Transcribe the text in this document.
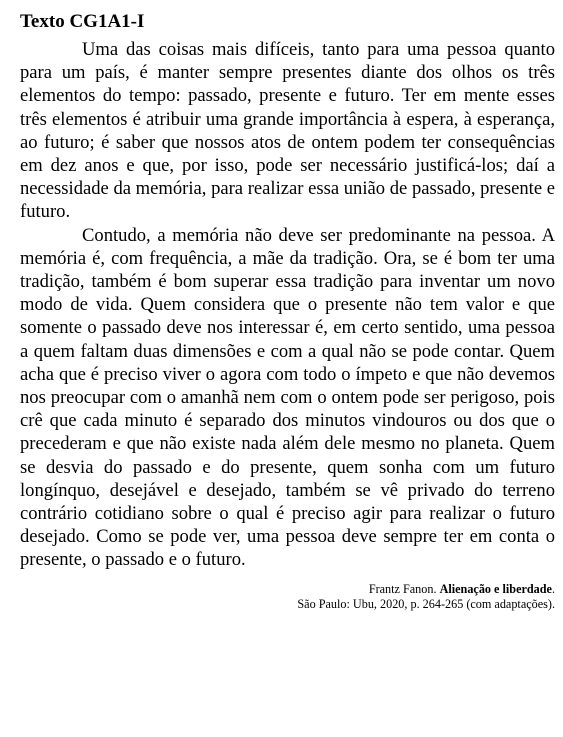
Texto CG1A1-I

Uma das coisas mais difíceis, tanto para uma pessoa quanto para um país, é manter sempre presentes diante dos olhos os três elementos do tempo: passado, presente e futuro. Ter em mente esses três elementos é atribuir uma grande importância à espera, à esperança, ao futuro; é saber que nossos atos de ontem podem ter consequências em dez anos e que, por isso, pode ser necessário justificá-los; daí a necessidade da memória, para realizar essa união de passado, presente e futuro.

Contudo, a memória não deve ser predominante na pessoa. A memória é, com frequência, a mãe da tradição. Ora, se é bom ter uma tradição, também é bom superar essa tradição para inventar um novo modo de vida. Quem considera que o presente não tem valor e que somente o passado deve nos interessar é, em certo sentido, uma pessoa a quem faltam duas dimensões e com a qual não se pode contar. Quem acha que é preciso viver o agora com todo o ímpeto e que não devemos nos preocupar com o amanhã nem com o ontem pode ser perigoso, pois crê que cada minuto é separado dos minutos vindouros ou dos que o precederam e que não existe nada além dele mesmo no planeta. Quem se desvia do passado e do presente, quem sonha com um futuro longínquo, desejável e desejado, também se vê privado do terreno contrário cotidiano sobre o qual é preciso agir para realizar o futuro desejado. Como se pode ver, uma pessoa deve sempre ter em conta o presente, o passado e o futuro.

Frantz Fanon. Alienação e liberdade.
São Paulo: Ubu, 2020, p. 264-265 (com adaptações).
